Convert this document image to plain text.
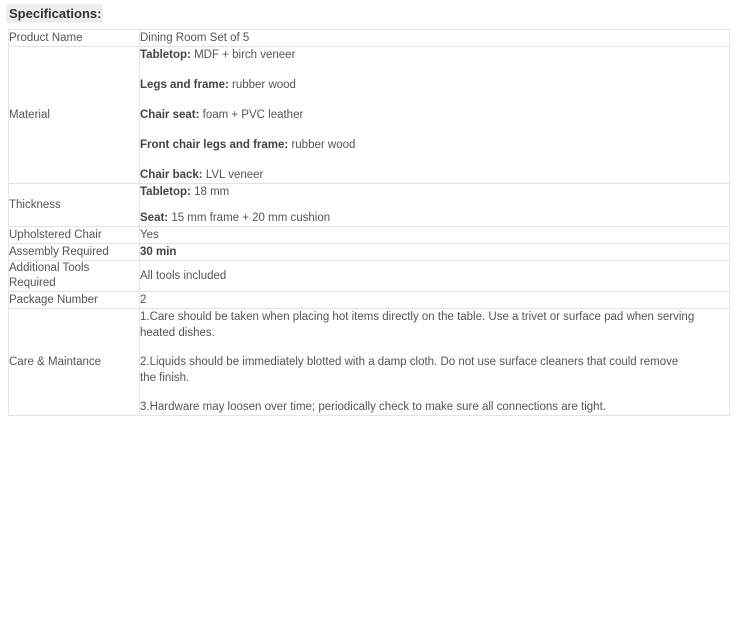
Specifications:
Product Name	Dining Room Set of 5

Material	Tabletop: MDF + birch veneer
Legs and frame: rubber wood
Chair seat: foam + PVC leather
Front chair legs and frame: rubber wood
Chair back: LVL veneer

Thickness	Tabletop: 18 mm
Seat: 15 mm frame + 20 mm cushion

Upholstered Chair	Yes

Assembly Required	30 min

Additional Tools Required	All tools included

Package Number	2

Care & Maintance	1.Care should be taken when placing hot items directly on the table. Use a trivet or surface pad when serving heated dishes.

2.Liquids should be immediately blotted with a damp cloth. Do not use surface cleaners that could remove the finish.

3.Hardware may loosen over time; periodically check to make sure all connections are tight.
